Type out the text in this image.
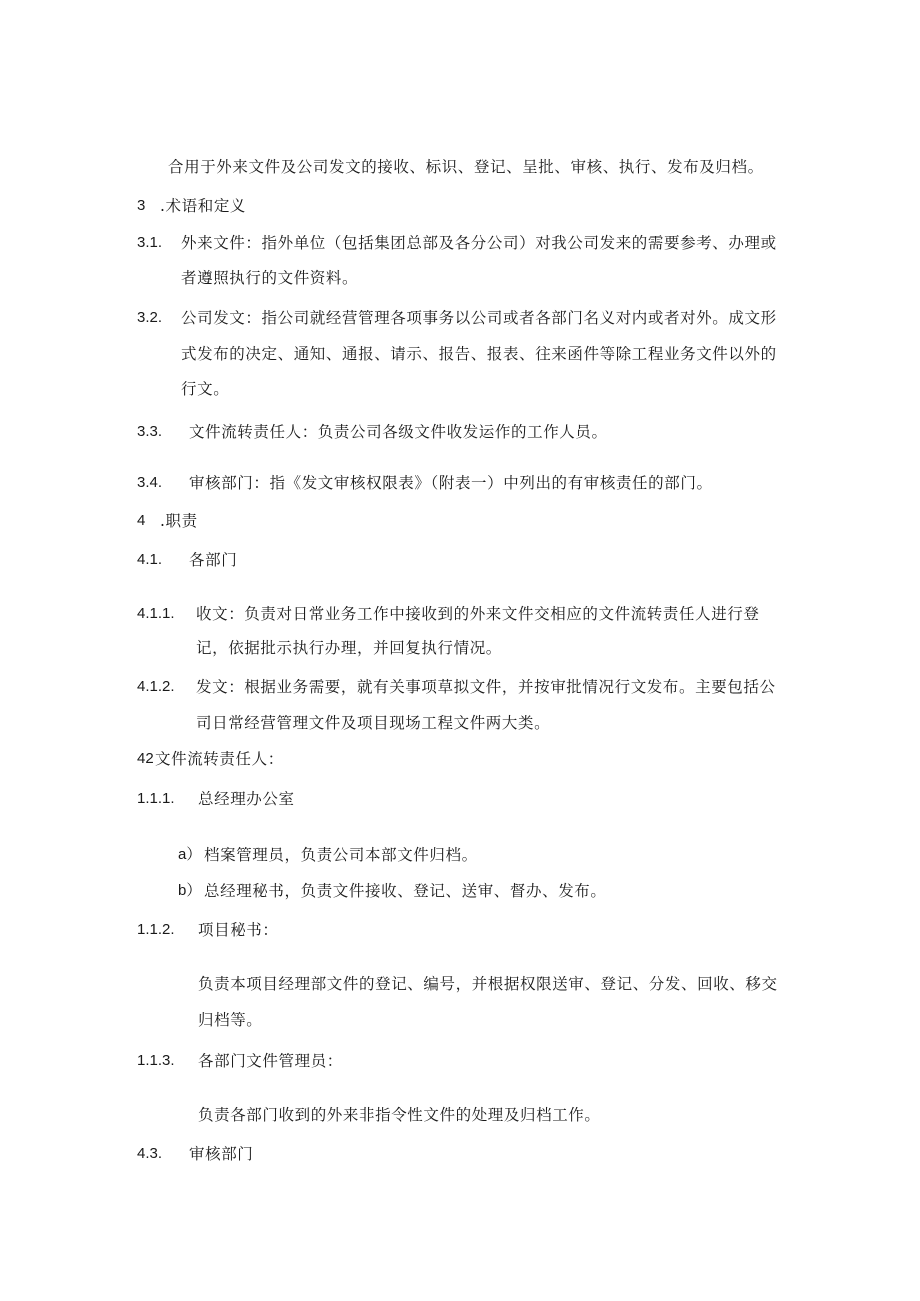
合用于外来文件及公司发文的接收、标识、登记、呈批、审核、执行、发布及归档。
3 .术语和定义
3.1. 外来文件：指外单位（包括集团总部及各分公司）对我公司发来的需要参考、办理或
者遵照执行的文件资料。
3.2. 公司发文：指公司就经营管理各项事务以公司或者各部门名义对内或者对外。成文形
式发布的决定、通知、通报、请示、报告、报表、往来函件等除工程业务文件以外的
行文。
3.3. 文件流转责任人：负责公司各级文件收发运作的工作人员。
3.4. 审核部门：指《发文审核权限表》（附表一）中列出的有审核责任的部门。
4 .职责
4.1. 各部门
4.1.1. 收文：负责对日常业务工作中接收到的外来文件交相应的文件流转责任人进行登
记，依据批示执行办理，并回复执行情况。
4.1.2. 发文：根据业务需要，就有关事项草拟文件，并按审批情况行文发布。主要包括公
司日常经营管理文件及项目现场工程文件两大类。
42 文件流转责任人：
1.1.1. 总经理办公室
a） 档案管理员，负责公司本部文件归档。
b） 总经理秘书，负责文件接收、登记、送审、督办、发布。
1.1.2. 项目秘书：
负责本项目经理部文件的登记、编号，并根据权限送审、登记、分发、回收、移交
归档等。
1.1.3. 各部门文件管理员：
负责各部门收到的外来非指令性文件的处理及归档工作。
4.3. 审核部门
